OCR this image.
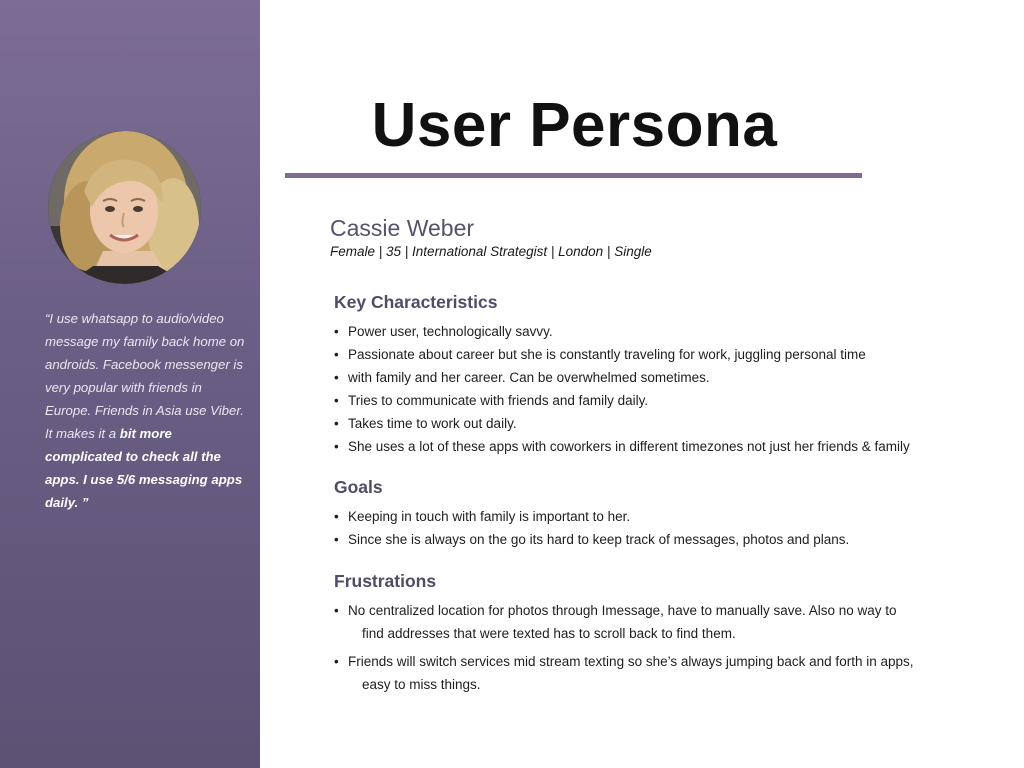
“I use whatsapp to audio/video message my family back home on androids. Facebook messenger is very popular with friends in Europe. Friends in Asia use Viber. It makes it a bit more complicated to check all the apps. I use 5/6 messaging apps daily. ”

User Persona

Cassie Weber

Female | 35 | International Strategist | London | Single

Key Characteristics
• Power user, technologically savvy.
• Passionate about career but she is constantly traveling for work, juggling personal time
• with family and her career. Can be overwhelmed sometimes.
• Tries to communicate with friends and family daily.
• Takes time to work out daily.
• She uses a lot of these apps with coworkers in different timezones not just her friends & family
Goals
• Keeping in touch with family is important to her.
• Since she is always on the go its hard to keep track of messages, photos and plans.
Frustrations
• No centralized location for photos through Imessage, have to manually save. Also no way to
find addresses that were texted has to scroll back to find them.
• Friends will switch services mid stream texting so she’s always jumping back and forth in apps,
easy to miss things.
